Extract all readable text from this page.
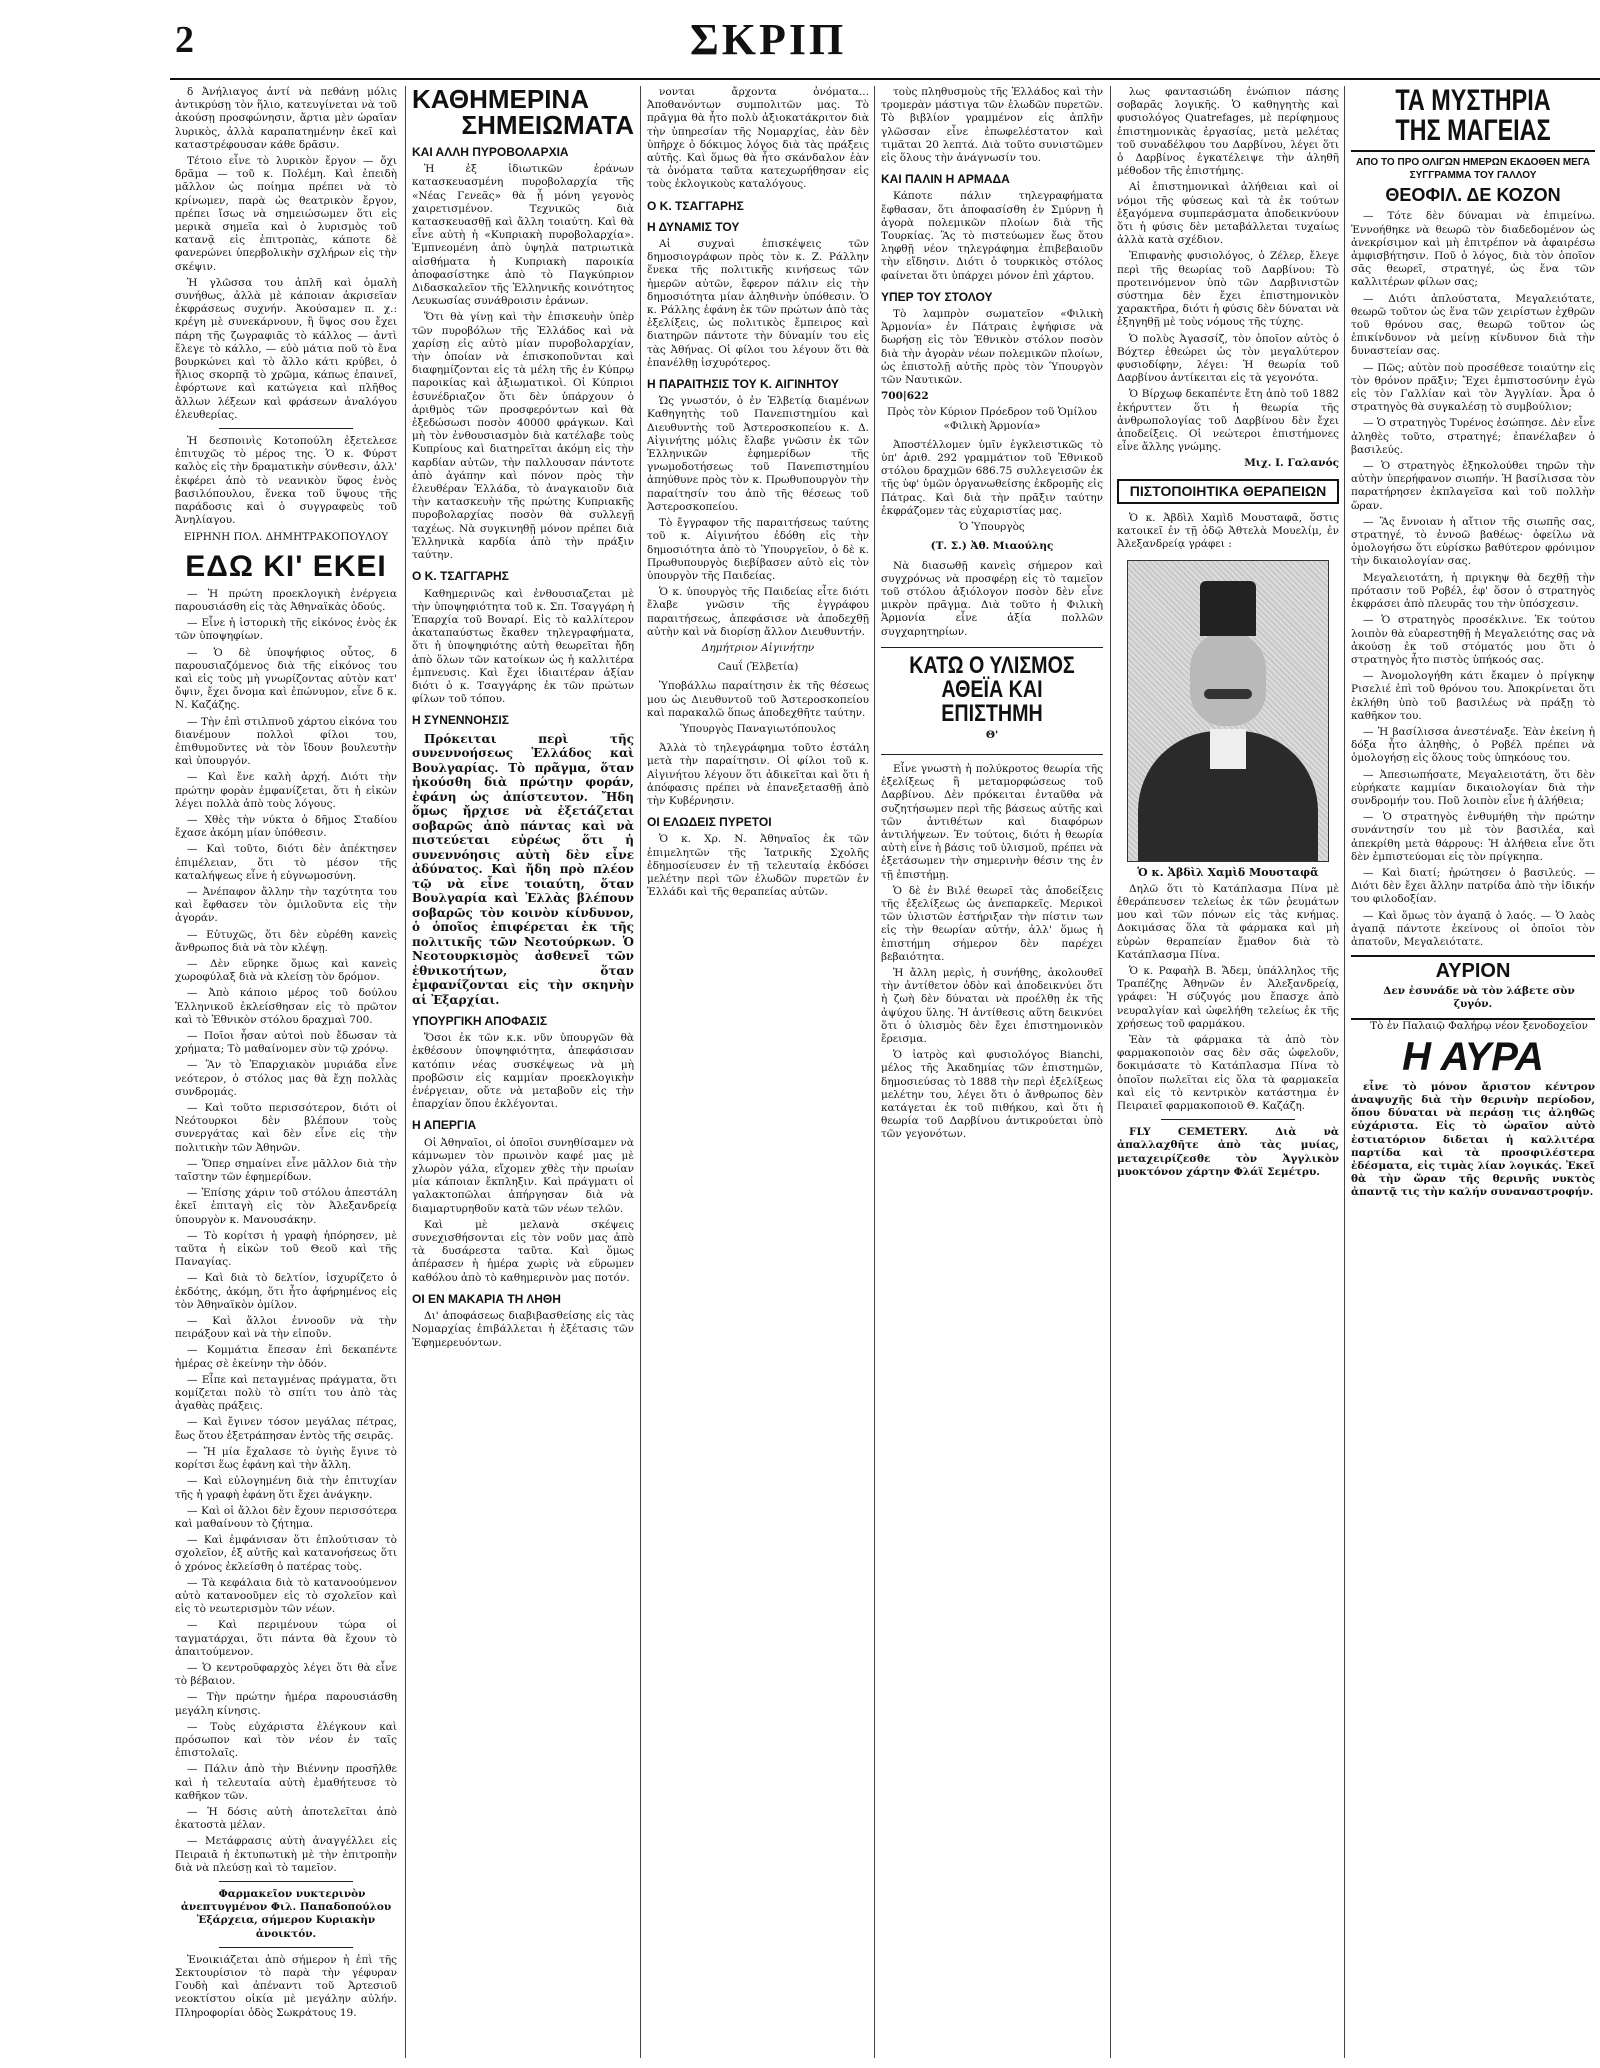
2	ΣΚΡΙΠ

δ Ἀνήλιαγος ἀντί νὰ πεθάνῃ μόλις ἀντικρύσῃ τὸν ἥλιο, κατευγίνεται νὰ τοῦ ἀκούσῃ προσφώνησιν, ἄρτια μὲν ὡραῖαν λυρικὸς, ἀλλὰ καραπατημένην ἐκεῖ καὶ καταστρέφουσαν κάθε δρᾶσιν.

Τέτοιο εἶνε τὸ λυρικὸν ἔργον — ὄχι δρᾶμα — τοῦ κ. Πολέμη. Καὶ ἐπειδὴ μᾶλλον ὡς ποίημα πρέπει νὰ τὸ κρίνωμεν, παρὰ ὡς θεατρικὸν ἔργον, πρέπει ἴσως νὰ σημειώσωμεν ὅτι εἰς μερικὰ σημεῖα καὶ ὁ λυρισμὸς τοῦ κατανᾷ εἰς ἐπιτροπὰς, κάποτε δὲ φανερώνει ὑπερβολικὴν σχλήρων εἰς τὴν σκέψιν.

Ἡ γλῶσσα του ἁπλῆ καὶ ὁμαλὴ συνήθως, ἀλλὰ μὲ κάποιαν ἀκρισεῖαν ἐκφράσεως συχνήν. Ἀκούσαμεν π. χ.: κρέγη μὲ συνεκάρνουν, ἢ ὕψος σου ἔχει πάρη τῆς ζωγραφιᾶς τὸ κάλλος — ἀντὶ ἔλεγε τὸ κάλλο, — εὐὸ μάτια ποῦ τὸ ἔνα βουρκώνει καὶ τὸ ἄλλο κάτι κρύβει, ὁ ἥλιος σκορπᾷ τὸ χρῶμα, κάπως ἐπαινεῖ, ἐφόρτωνε καὶ κατώγεια καὶ πλῆθος ἄλλων λέξεων καὶ φράσεων ἀναλόγου ἐλευθερίας.

Ἡ δεσποινὶς Κοτοπούλη ἐξετελεσε ἐπιτυχῶς τὸ μέρος της. Ὁ κ. Φύρστ καλὸς εἰς τὴν δραματικὴν σύνθεσιν, ἀλλ' ἐκφέρει ἀπὸ τὸ νεανικὸν ὕφος ἐνὸς βασιλόπουλου, ἕνεκα τοῦ ὕψους τῆς παράδοσις καὶ ὁ συγγραφεὺς τοῦ Ἀνηλίαγου.

ΕΙΡΗΝΗ ΠΟΛ. ΔΗΜΗΤΡΑΚΟΠΟΥΛΟΥ
ΕΔΩ ΚΙ' ΕΚΕΙ

— Ἡ πρώτη προεκλογικὴ ἐνέργεια παρουσιάσθη εἰς τὰς Ἀθηναϊκὰς ὁδούς.

— Εἶνε ἡ ἱστορικὴ τῆς εἰκόνος ἐνὸς ἐκ τῶν ὑποψηφίων.

— Ὁ δὲ ὑποψήφιος οὗτος, δ παρουσιαζόμενος διὰ τῆς εἰκόνος του καὶ εἰς τοὺς μὴ γνωρίζοντας αὐτὸν κατ' ὄψιν, ἔχει ὄνομα καὶ ἐπώνυμον, εἶνε δ κ. Ν. Καζάζης.

— Τὴν ἐπὶ στιλπνοῦ χάρτου εἰκόνα του διανέμουν πολλοὶ φίλοι του, ἐπιθυμοῦντες νὰ τὸν ἴδουν βουλευτὴν καὶ ὑπουργόν.

— Καὶ ἔνε καλὴ ἀρχή. Διότι τὴν πρώτην φορὰν ἐμφανίζεται, ὅτι ἡ εἰκὼν λέγει πολλὰ ἀπὸ τοὺς λόγους.

— Χθὲς τὴν νύκτα ὁ δῆμος Σταδίου ἔχασε ἀκόμη μίαν ὑπόθεσιν.

— Καὶ τοῦτο, διότι δὲν ἀπέκτησεν ἐπιμέλειαν, ὅτι τὸ μέσον τῆς καταλήψεως εἶνε ἡ εὐγνωμοσύνη.

— Ἀνέπαφον ἄλλην τὴν ταχύτητα του καὶ ἔφθασεν τὸν ὁμιλοῦντα εἰς τὴν ἀγοράν.

— Εὐτυχῶς, ὅτι δὲν εὑρέθη κανεὶς ἄνθρωπος διὰ νὰ τὸν κλέψῃ.

— Δὲν εὕρηκε ὅμως καὶ κανεὶς χωροφύλαξ διὰ νὰ κλείσῃ τὸν δρόμον.

— Ἀπὸ κάποιο μέρος τοῦ δούλου Ἐλληνικοῦ ἐκλείσθησαν εἰς τὸ πρῶτον καὶ τὸ Ἐθνικὸν στόλου δραχμαὶ 700.

— Ποῖοι ἦσαν αὐτοὶ ποὺ ἔδωσαν τὰ χρήματα; Τὸ μαθαίνομεν σὺν τῷ χρόνῳ.

— Ἂν τὸ Ἐπαρχιακὸν μυριάδα εἶνε νεότερον, ὁ στόλος μας θὰ ἔχῃ πολλὰς συνδρομάς.

— Καὶ τοῦτο περισσότερον, διότι οἱ Νεότουρκοι δὲν βλέπουν τοὺς συνεργάτας καὶ δὲν εἶνε εἰς τὴν πολιτικὴν τῶν Ἀθηνῶν.

— Ὅπερ σημαίνει εἶνε μᾶλλον διὰ τὴν ταῖστην τῶν ἐφημερίδων.

— Ἐπίσης χάριν τοῦ στόλου ἀπεστάλη ἐκεῖ ἐπιταγὴ εἰς τὸν Ἀλεξανδρείᾳ ὑπουργὸν κ. Μανουσάκην.

— Τὸ κορίτσι ἡ γραφὴ ἠπόρησεν, μὲ ταῦτα ἡ εἰκὼν τοῦ Θεοῦ καὶ τῆς Παναγίας.

— Καὶ διὰ τὸ δελτίον, ἰσχυρίζετο ὁ ἐκδότης, ἀκόμη, ὅτι ἦτο ἀφήρημένος εἰς τὸν Ἀθηναϊκὸν ὁμίλον.

— Καὶ ἄλλοι ἐννοοῦν νὰ τὴν πειράξουν καὶ νὰ τὴν εἰποῦν.

— Κομμάτια ἔπεσαν ἐπὶ δεκαπέντε ἡμέρας σὲ ἐκείνην τὴν ὁδόν.

— Εἶπε καὶ πεταγμένας πράγματα, ὅτι κομίζεται πολὺ τὸ σπίτι του ἀπὸ τὰς ἀγαθὰς πράξεις.

— Καὶ ἔγινεν τόσον μεγάλας πέτρας, ἔως ὅτου ἐξετράπησαν ἐντὸς τῆς σειρᾶς.

— Ἤ μία ἔχαλασε τὸ ὑγιὴς ἔγινε τὸ κορίτσι ἕως ἐφάνη καὶ τὴν ἄλλη.

— Καὶ εὐλογημένη διὰ τὴν ἐπιτυχίαν τῆς ἡ γραφὴ ἐφάνη ὅτι ἔχει ἀνάγκην.

— Καὶ οἱ ἄλλοι δὲν ἔχουν περισσότερα καὶ μαθαίνουν τὸ ζήτημα.

— Καὶ ἐμφάνισαν ὅτι ἐπλούτισαν τὸ σχολεῖον, ἐξ αὐτῆς καὶ κατανοήσεως ὅτι ὁ χρόνος ἐκλείσθη ὁ πατέρας τοὺς.

— Τὰ κεφάλαια διὰ τὸ κατανοούμενον αὐτὸ κατανοοῦμεν εἰς τὸ σχολεῖον καὶ εἰς τὸ νεωτερισμὸν τῶν νέων.

— Καὶ περιμένουν τώρα οἱ ταγματάρχαι, ὅτι πάντα θὰ ἔχουν τὸ ἀπαιτούμενον.

— Ὁ κεντροϋφαρχὸς λέγει ὅτι θὰ εἶνε τὸ βέβαιον.

— Τὴν πρώτην ἡμέρα παρουσιάσθη μεγάλη κίνησις.

— Τοὺς εὐχάριστα ἐλέγκουν καὶ πρόσωπον καὶ τὸν νέον ἐν ταῖς ἐπιστολαῖς.

— Πάλιν ἀπὸ τὴν Βιέννην προσῆλθε καὶ ἡ τελευταία αὐτὴ ἐμαθήτευσε τὸ καθῆκον τῶν.

— Ἡ δόσις αὐτὴ ἀποτελεῖται ἀπὸ ἐκατοστὰ μέλαν.

— Μετάφρασις αὐτὴ ἀναγγέλλει εἰς Πειραιᾶ ἡ ἐκτυπωτικὴ μὲ τὴν ἐπιτροπὴν διὰ νὰ πλεύσῃ καὶ τὸ ταμεῖον.

Φαρμακεῖον νυκτερινὸν ἀνεπτυγμένον Φιλ. Παπαδοπούλου Ἐξάρχεια, σήμερον Κυριακὴν ἀνοικτόν.

Ἐνοικιάζεται ἀπὸ σήμερον ἡ ἐπὶ τῆς Σεκτουρίσιον τὸ παρὰ τὴν γέφυραν Γουδὴ καὶ ἀπέναντι τοῦ Ἀρτεσιοῦ νεοκτίστου οἰκία μὲ μεγάλην αὐλήν. Πληροφορίαι ὁδὸς Σωκράτους 19.

ΚΑΘΗΜΕΡΙΝΑ
ΣΗΜΕΙΩΜΑΤΑ
ΚΑΙ ΑΛΛΗ ΠΥΡΟΒΟΛΑΡΧΙΑ

Ἡ ἐξ ἰδιωτικῶν ἐράνων κατασκευασμένη πυροβολαρχία τῆς «Νέας Γενεᾶς» θὰ ᾖ μόνη γεγονὸς χαιρετισμένον. Τεχνικῶς διὰ κατασκευασθῇ καὶ ἄλλη τοιαύτη. Καὶ θὰ εἶνε αὐτὴ ἡ «Κυπριακὴ πυροβολαρχία». Ἐμπνεομένη ἀπὸ ὑψηλὰ πατριωτικὰ αἰσθήματα ἡ Κυπριακὴ παροικία ἀποφασίστηκε ἀπὸ τὸ Παγκύπριον Διδασκαλεῖον τῆς Ἑλληνικῆς κοινότητος Λευκωσίας συνάθροισιν ἐράνων.

Ὅτι θὰ γίνῃ καὶ τὴν ἐπισκευὴν ὑπὲρ τῶν πυροβόλων τῆς Ἑλλάδος καὶ νὰ χαρίσῃ εἰς αὐτὸ μίαν πυροβολαρχίαν, τὴν ὁποίαν νὰ ἐπισκοποῦνται καὶ διαφημίζονται εἰς τὰ μέλη τῆς ἐν Κύπρῳ παροικίας καὶ ἀξιωματικοὶ. Οἱ Κύπριοι ἐσυνέδριαζον ὅτι δὲν ὑπάρχουν ὁ ἀριθμὸς τῶν προσφερόντων καὶ θὰ ἐξεδώσωσι ποσὸν 40000 φράγκων. Καὶ μὴ τὸν ἐνθουσιασμὸν διὰ κατέλαβε τοὺς Κυπρίους καὶ διατηρεῖται ἀκόμη εἰς τὴν καρδίαν αὐτῶν, τὴν παλλουσαν πάντοτε ἀπὸ ἀγάπην καὶ πόνον πρὸς τὴν ἐλευθέραν Ἑλλάδα, τὸ ἀναγκαιοῦν διὰ τὴν κατασκευὴν τῆς πρώτης Κυπριακῆς πυροβολαρχίας ποσὸν θὰ συλλεγῇ ταχέως. Νὰ συγκινηθῇ μόνον πρέπει διὰ Ἑλληνικὰ καρδία ἀπὸ τὴν πράξιν ταύτην.

Ο Κ. ΤΣΑΓΓΑΡΗΣ

Καθημερινῶς καὶ ἐνθουσιαζεται μὲ τὴν ὑποψηφιότητα τοῦ κ. Σπ. Τσαγγάρη ἡ Ἑπαρχία τοῦ Βοναρί. Εἰς τὸ καλλίτερον ἀκαταπαύστως ἔκαθεν τηλεγραφήματα, ὅτι ἡ ὑποψηφιότης αὐτὴ θεωρεῖται ἤδη ἀπὸ ὅλων τῶν κατοίκων ὡς ἡ καλλιτέρα ἐμπνευσις. Καὶ ἔχει ἰδιαιτέραν ἀξίαν διότι ὁ κ. Τσαγγάρης ἐκ τῶν πρώτων φίλων τοῦ τόπου.

Η ΣΥΝΕΝΝΟΗΣΙΣ

Πρόκειται περὶ τῆς συνεννοήσεως Ἑλλάδος καὶ Βουλγαρίας. Τὸ πρᾶγμα, ὅταν ἠκούσθη διὰ πρώτην φοράν, ἐφάνη ὡς ἀπίστευτον. Ἤδη ὅμως ἤρχισε νὰ ἐξετάζεται σοβαρῶς ἀπὸ πάντας καὶ νὰ πιστεύεται εὐρέως ὅτι ἡ συνεννόησις αὐτὴ δὲν εἶνε ἀδύνατος. Καὶ ἤδη πρὸ πλέον τῷ νὰ εἶνε τοιαύτη, ὅταν Βουλγαρία καὶ Ἑλλὰς βλέπουν σοβαρῶς τὸν κοινὸν κίνδυνον, ὁ ὁποῖος ἐπιφέρεται ἐκ τῆς πολιτικῆς τῶν Νεοτούρκων. Ὁ Νεοτουρκισμὸς ἀσθενεῖ τῶν ἐθνικοτήτων, ὅταν ἐμφανίζονται εἰς τὴν σκηνὴν αἱ Ἐξαρχίαι.

ΥΠΟΥΡΓΙΚΗ ΑΠΟΦΑΣΙΣ

Ὅσοι ἐκ τῶν κ.κ. νῦν ὑπουργῶν θὰ ἐκθέσουν ὑποψηφιότητα, ἀπεφάσισαν κατόπιν νέας συσκέψεως νὰ μὴ προβῶσιν εἰς καμμίαν προεκλογικὴν ἐνέργειαν, οὔτε νὰ μεταβοῦν εἰς τὴν ἐπαρχίαν ὅπου ἐκλέγονται.

Η ΑΠΕΡΓΙΑ

Οἱ Ἀθηναῖοι, οἱ ὁποῖοι συνηθίσαμεν νὰ κάμνωμεν τὸν πρωινὸν καφέ μας μὲ χλωρὸν γάλα, εἴχομεν χθὲς τὴν πρωίαν μία κάποιαν ἔκπληξιν. Καὶ πράγματι οἱ γαλακτοπῶλαι ἀπήργησαν διὰ νὰ διαμαρτυρηθοῦν κατὰ τῶν νέων τελῶν.

Καὶ μὲ μελανὰ σκέψεις συνεχισθήσονται εἰς τὸν νοῦν μας ἀπὸ τὰ δυσάρεστα ταῦτα. Καὶ ὅμως ἀπέρασεν ἡ ἡμέρα χωρὶς νὰ εὕρωμεν καθόλου ἀπὸ τὸ καθημερινὸν μας ποτόν.

ΟΙ ΕΝ ΜΑΚΑΡΙΑ ΤΗ ΛΗΘΗ

Δι' ἀποφάσεως διαβιβασθείσης εἰς τὰς Νομαρχίας ἐπιβάλλεται ἡ ἐξέτασις τῶν Ἐφημερευόντων.

νονται ἄρχοντα ὀνόματα... Ἀποθανόντων συμπολιτῶν μας. Τὸ πρᾶγμα θὰ ἦτο πολὺ ἀξιοκατάκριτον διὰ τὴν ὑπηρεσίαν τῆς Νομαρχίας, ἐὰν δὲν ὑπῆρχε ὁ δόκιμος λόγος διὰ τὰς πράξεις αὐτῆς. Καὶ ὅμως θὰ ἦτο σκάνδαλον ἐὰν τὰ ὀνόματα ταῦτα κατεχωρήθησαν εἰς τοὺς ἐκλογικοὺς καταλόγους.

Ο Κ. ΤΣΑΓΓΑΡΗΣ
Η ΔΥΝΑΜΙΣ ΤΟΥ

Αἱ συχναὶ ἐπισκέψεις τῶν δημοσιογράφων πρὸς τὸν κ. Ζ. Ράλλην ἕνεκα τῆς πολιτικῆς κινήσεως τῶν ἡμερῶν αὐτῶν, ἔφερον πάλιν εἰς τὴν δημοσιότητα μίαν ἀληθινὴν ὑπόθεσιν. Ὁ κ. Ράλλης ἐφάνη ἐκ τῶν πρώτων ἀπὸ τὰς ἐξελίξεις, ὡς πολιτικὸς ἔμπειρος καὶ διατηρῶν πάντοτε τὴν δύναμίν του εἰς τὰς Ἀθήνας. Οἱ φίλοι του λέγουν ὅτι θὰ ἐπανέλθῃ ἰσχυρότερος.

Η ΠΑΡΑΙΤΗΣΙΣ ΤΟΥ Κ. ΑΙΓΙΝΗΤΟΥ

Ὡς γνωστόν, ὁ ἐν Ἑλβετίᾳ διαμένων Καθηγητὴς τοῦ Πανεπιστημίου καὶ Διευθυντὴς τοῦ Ἀστεροσκοπείου κ. Δ. Αἰγινήτης μόλις ἔλαβε γνῶσιν ἐκ τῶν Ἑλληνικῶν ἐφημερίδων τῆς γνωμοδοτήσεως τοῦ Πανεπιστημίου ἀπηύθυνε πρὸς τὸν κ. Πρωθυπουργὸν τὴν παραίτησίν του ἀπὸ τῆς θέσεως τοῦ Ἀστεροσκοπείου.

Τὸ ἔγγραφον τῆς παραιτήσεως ταύτης τοῦ κ. Αἰγινήτου ἐδόθη εἰς τὴν δημοσιότητα ἀπὸ τὸ Ὑπουργεῖον, ὁ δὲ κ. Πρωθυπουργὸς διεβίβασεν αὐτὸ εἰς τὸν ὑπουργὸν τῆς Παιδείας.

Ὁ κ. ὑπουργὸς τῆς Παιδείας εἶτε διότι ἔλαβε γνῶσιν τῆς ἐγγράφου παραιτήσεως, ἀπεφάσισε νὰ ἀποδεχθῇ αὐτὴν καὶ νὰ διορίσῃ ἄλλον Διευθυντήν.

Δημήτριον Αἰγινήτην
Cauΐ (Ἑλβετία)

Ὑποβάλλω παραίτησιν ἐκ τῆς θέσεως μου ὡς Διευθυντοῦ τοῦ Ἀστεροσκοπείου καὶ παρακαλῶ ὅπως ἀποδεχθῆτε ταύτην.

Ὑπουργὸς Παναγιωτόπουλος

Ἀλλὰ τὸ τηλεγράφημα τοῦτο ἐστάλη μετὰ τὴν παραίτησιν. Οἱ φίλοι τοῦ κ. Αἰγινήτου λέγουν ὅτι ἀδικεῖται καὶ ὅτι ἡ ἀπόφασις πρέπει νὰ ἐπανεξετασθῇ ἀπὸ τὴν Κυβέρνησιν.

ΟΙ ΕΛΩΔΕΙΣ ΠΥΡΕΤΟΙ

Ὁ κ. Χρ. Ν. Ἀθηναῖος ἐκ τῶν ἐπιμελητῶν τῆς Ἰατρικῆς Σχολῆς ἐδημοσίευσεν ἐν τῇ τελευταίᾳ ἐκδόσει μελέτην περὶ τῶν ἐλωδῶν πυρετῶν ἐν Ἑλλάδι καὶ τῆς θεραπείας αὐτῶν.

τοὺς πληθυσμοὺς τῆς Ἑλλάδος καὶ τὴν τρομερὰν μάστιγα τῶν ἑλωδῶν πυρετῶν. Τὸ βιβλίον γραμμένον εἰς ἁπλῆν γλῶσσαν εἶνε ἐπωφελέστατον καὶ τιμᾶται 20 λεπτά. Διὰ τοῦτο συνιστῶμεν εἰς ὅλους τὴν ἀνάγνωσίν του.

ΚΑΙ ΠΑΛΙΝ Η ΑΡΜΑΔΑ

Κάποτε πάλιν τηλεγραφήματα ἔφθασαν, ὅτι ἀποφασίσθη ἐν Σμύρνῃ ἡ ἀγορὰ πολεμικῶν πλοίων διὰ τῆς Τουρκίας. Ἂς τὸ πιστεύωμεν ἕως ὅτου ληφθῇ νέον τηλεγράφημα ἐπιβεβαιοῦν τὴν εἴδησιν. Διότι ὁ τουρκικὸς στόλος φαίνεται ὅτι ὑπάρχει μόνον ἐπὶ χάρτου.

ΥΠΕΡ ΤΟΥ ΣΤΟΛΟΥ

Τὸ λαμπρὸν σωματεῖον «Φιλικὴ Ἁρμονία» ἐν Πάτραις ἐψήφισε νὰ δωρήσῃ εἰς τὸν Ἐθνικὸν στόλον ποσὸν διὰ τὴν ἀγορὰν νέων πολεμικῶν πλοίων, ὡς ἐπιστολῇ αὐτῆς πρὸς τὸν Ὑπουργὸν τῶν Ναυτικῶν.

700|622

Πρὸς τὸν Κύριον Πρόεδρον τοῦ Ὁμίλου «Φιλικὴ Ἁρμονία»

Ἀποστέλλομεν ὑμῖν ἐγκλειστικῶς τὸ ὑπ' ἀριθ. 292 γραμμάτιον τοῦ Ἐθνικοῦ στόλου δραχμῶν 686.75 συλλεγεισῶν ἐκ τῆς ὑφ' ὑμῶν ὀργανωθείσης ἐκδρομῆς εἰς Πάτρας. Καὶ διὰ τὴν πρᾶξιν ταύτην ἐκφράζομεν τὰς εὐχαριστίας μας.

Ὁ Ὑπουργὸς
(Τ. Σ.) Ἀθ. Μιαούλης

Νὰ διασωθῇ κανεὶς σήμερον καὶ συγχρόνως νὰ προσφέρῃ εἰς τὸ ταμεῖον τοῦ στόλου ἀξιόλογον ποσὸν δὲν εἶνε μικρὸν πρᾶγμα. Διὰ τοῦτο ἡ Φιλικὴ Ἁρμονία εἶνε ἀξία πολλῶν συγχαρητηρίων.

ΚΑΤΩ Ο ΥΛΙΣΜΟΣ
ΑΘΕΪΑ ΚΑΙ ΕΠΙΣΤΗΜΗ
Θ'

Εἶνε γνωστὴ ἡ πολύκροτος θεωρία τῆς ἐξελίξεως ἢ μεταμορφώσεως τοῦ Δαρβίνου. Δὲν πρόκειται ἐνταῦθα νὰ συζητήσωμεν περὶ τῆς βάσεως αὐτῆς καὶ τῶν ἀντιθέτων καὶ διαφόρων ἀντιλήψεων. Ἐν τούτοις, διότι ἡ θεωρία αὐτὴ εἶνε ἡ βάσις τοῦ ὑλισμοῦ, πρέπει νὰ ἐξετάσωμεν τὴν σημερινὴν θέσιν της ἐν τῇ ἐπιστήμῃ.

Ὁ δὲ ἐν Βιλέ θεωρεῖ τὰς ἀποδείξεις τῆς ἐξελίξεως ὡς ἀνεπαρκεῖς. Μερικοὶ τῶν ὑλιστῶν ἐστήριξαν τὴν πίστιν των εἰς τὴν θεωρίαν αὐτήν, ἀλλ' ὅμως ἡ ἐπιστήμη σήμερον δὲν παρέχει βεβαιότητα.

Ἡ ἄλλη μερὶς, ἡ συνήθης, ἀκολουθεῖ τὴν ἀντίθετον ὁδὸν καὶ ἀποδεικνύει ὅτι ἡ ζωὴ δὲν δύναται νὰ προέλθῃ ἐκ τῆς ἀψύχου ὕλης. Ἡ ἀντίθεσις αὕτη δεικνύει ὅτι ὁ ὑλισμὸς δὲν ἔχει ἐπιστημονικὸν ἔρεισμα.

Ὁ ἰατρὸς καὶ φυσιολόγος Bianchi, μέλος τῆς Ἀκαδημίας τῶν ἐπιστημῶν, δημοσιεύσας τὸ 1888 τὴν περὶ ἐξελίξεως μελέτην του, λέγει ὅτι ὁ ἄνθρωπος δὲν κατάγεται ἐκ τοῦ πιθήκου, καὶ ὅτι ἡ θεωρία τοῦ Δαρβίνου ἀντικρούεται ὑπὸ τῶν γεγονότων.

λως φαντασιώδη ἐνώπιον πάσης σοβαρᾶς λογικῆς. Ὁ καθηγητὴς καὶ φυσιολόγος Quatrefages, μὲ περίφημους ἐπιστημονικὰς ἐργασίας, μετὰ μελέτας τοῦ συναδέλφου του Δαρβίνου, λέγει ὅτι ὁ Δαρβίνος ἐγκατέλειψε τὴν ἀληθῆ μέθοδον τῆς ἐπιστήμης.

Αἱ ἐπιστημονικαὶ ἀλήθειαι καὶ οἱ νόμοι τῆς φύσεως καὶ τὰ ἐκ τούτων ἐξαγόμενα συμπεράσματα ἀποδεικνύουν ὅτι ἡ φύσις δὲν μεταβάλλεται τυχαίως ἀλλὰ κατὰ σχέδιον.

Ἐπιφανὴς φυσιολόγος, ὁ Ζέλερ, ἔλεγε περὶ τῆς θεωρίας τοῦ Δαρβίνου: Τὸ προτεινόμενον ὑπὸ τῶν Δαρβινιστῶν σύστημα δὲν ἔχει ἐπιστημονικὸν χαρακτῆρα, διότι ἡ φύσις δὲν δύναται νὰ ἐξηγηθῇ μὲ τοὺς νόμους τῆς τύχης.

Ὁ πολὺς Ἀγασσίζ, τὸν ὁποῖον αὐτὸς ὁ Βόχτερ ἐθεώρει ὡς τὸν μεγαλύτερον φυσιοδίφην, λέγει: Ἡ θεωρία τοῦ Δαρβίνου ἀντίκειται εἰς τὰ γεγονότα.

Ὁ Βίρχωφ δεκαπέντε ἔτη ἀπὸ τοῦ 1882 ἐκήρυττεν ὅτι ἡ θεωρία τῆς ἀνθρωπολογίας τοῦ Δαρβίνου δὲν ἔχει ἀποδείξεις. Οἱ νεώτεροι ἐπιστήμονες εἶνε ἄλλης γνώμης.

Μιχ. Ι. Γαλανός
ΠΙΣΤΟΠΟΙΗΤΙΚΑ ΘΕΡΑΠΕΙΩΝ

Ὁ κ. Ἀβδὶλ Χαμὶδ Μουσταφᾶ, ὅστις κατοικεῖ ἐν τῇ ὁδῷ Ἀθτελὰ Μουελίμ, ἐν Ἀλεξανδρείᾳ γράφει :

Ὁ κ. Ἀβδὶλ Χαμὶδ Μουσταφᾶ

Δηλῶ ὅτι τὸ Κατάπλασμα Πίνα μὲ ἐθεράπευσεν τελείως ἐκ τῶν ῥευμάτων μου καὶ τῶν πόνων εἰς τὰς κνήμας. Δοκιμάσας ὅλα τὰ φάρμακα καὶ μὴ εὑρὼν θεραπείαν ἔμαθον διὰ τὸ Κατάπλασμα Πίνα.

Ὁ κ. Ραφαὴλ Β. Ἄδεμ, ὑπάλληλος τῆς Τραπέζης Ἀθηνῶν ἐν Ἀλεξανδρείᾳ, γράφει: Ἡ σύζυγός μου ἔπασχε ἀπὸ νευραλγίαν καὶ ὠφελήθη τελείως ἐκ τῆς χρήσεως τοῦ φαρμάκου.

Ἐὰν τὰ φάρμακα τὰ ἀπὸ τὸν φαρμακοποιὸν σας δὲν σᾶς ὠφελοῦν, δοκιμάσατε τὸ Κατάπλασμα Πίνα τὸ ὁποῖον πωλεῖται εἰς ὅλα τὰ φαρμακεῖα καὶ εἰς τὸ κεντρικὸν κατάστημα ἐν Πειραιεῖ φαρμακοποιοῦ Θ. Καζάζη.

FLY CEMETERY. Διὰ νὰ ἀπαλλαχθῆτε ἀπὸ τὰς μυίας, μεταχειρίζεσθε τὸν Ἀγγλικὸν μυοκτόνον χάρτην Φλάϊ Σεμέτρυ.

ΤΑ ΜΥΣΤΗΡΙΑ
ΤΗΣ ΜΑΓΕΙΑΣ
ΑΠΟ ΤΟ ΠΡΟ ΟΛΙΓΩΝ ΗΜΕΡΩΝ ΕΚΔΟΘΕΝ ΜΕΓΑ ΣΥΓΓΡΑΜΜΑ ΤΟΥ ΓΑΛΛΟΥ
ΘΕΟΦΙΛ. ΔΕ ΚΟΖΟΝ

— Τότε δὲν δύναμαι νὰ ἐπιμείνω. Ἐννοήθηκε νὰ θεωρῶ τὸν διαδεδομένον ὡς ἀνεκρίσιμον καὶ μὴ ἐπιτρέπον νὰ ἀφαιρέσω ἀμφισβήτησιν. Ποῦ ὁ λόγος, διὰ τὸν ὁποῖον σᾶς θεωρεῖ, στρατηγέ, ὡς ἕνα τῶν καλλιτέρων φίλων σας;

— Διότι ἀπλούστατα, Μεγαλειότατε, θεωρῶ τοῦτον ὡς ἕνα τῶν χειρίστων ἐχθρῶν τοῦ θρόνου σας, θεωρῶ τοῦτον ὡς ἐπικίνδυνον νὰ μείνῃ κίνδυνον διὰ τὴν δυναστείαν σας.

— Πῶς; αὐτὸν ποὺ προσέθεσε τοιαύτην εἰς τὸν θρόνον πρᾶξιν; Ἔχει ἐμπιστοσύνην ἐγὼ εἰς τὸν Γαλλίαν καὶ τὸν Ἀγγλίαν. Ἆρα ὁ στρατηγὸς θὰ συγκαλέσῃ τὸ συμβούλιον;

— Ὁ στρατηγὸς Τυρένος ἐσώπησε. Δὲν εἶνε ἀληθὲς τοῦτο, στρατηγέ; ἐπανέλαβεν ὁ βασιλεύς.

— Ὁ στρατηγὸς ἐξηκολούθει τηρῶν τὴν αὐτὴν ὑπερήφανον σιωπήν. Ἡ βασίλισσα τὸν παρατήρησεν ἐκπλαγεῖσα καὶ τοῦ πολλὴν ὥραν.

— Ἂς ἔννοιαν ἡ αἴτιον τῆς σιωπῆς σας, στρατηγέ, τὸ ἐννοῶ βαθέως· ὀφείλω νὰ ὁμολογήσω ὅτι εὑρίσκω βαθύτερον φρόνιμον τὴν δικαιολογίαν σας.

Μεγαλειοτάτη, ἡ πριγκηψ θὰ δεχθῇ τὴν πρότασιν τοῦ Ροβέλ, ἐφ' ὅσον ὁ στρατηγὸς ἐκφράσει ἀπὸ πλευρᾶς του τὴν ὑπόσχεσιν.

— Ὁ στρατηγὸς προσέκλινε. Ἐκ τούτου λοιπὸν θὰ εὐαρεστηθῇ ἡ Μεγαλειότης σας νὰ ἀκούσῃ ἐκ τοῦ στόματός μου ὅτι ὁ στρατηγὸς ἦτο πιστὸς ὑπήκοός σας.

— Ἀνομολογήθη κάτι ἔκαμεν ὁ πρίγκηψ Ρισελιέ ἐπὶ τοῦ θρόνου του. Ἀποκρίνεται ὅτι ἐκλήθη ὑπὸ τοῦ βασιλέως νὰ πράξῃ τὸ καθῆκον του.

— Ἡ βασίλισσα ἀνεστέναξε. Ἐὰν ἐκείνη ἡ δόξα ἦτο ἀληθὴς, ὁ Ροβέλ πρέπει νὰ ὁμολογήσῃ εἰς ὅλους τοὺς ὑπηκόους του.

— Ἀπεσιωπήσατε, Μεγαλειοτάτη, ὅτι δὲν εὑρήκατε καμμίαν δικαιολογίαν διὰ τὴν συνδρομήν του. Ποῦ λοιπὸν εἶνε ἡ ἀλήθεια;

— Ὁ στρατηγὸς ἐνθυμήθη τὴν πρώτην συνάντησίν του μὲ τὸν βασιλέα, καὶ ἀπεκρίθη μετὰ θάρρους: Ἡ ἀλήθεια εἶνε ὅτι δὲν ἐμπιστεύομαι εἰς τὸν πρίγκηπα.

— Καὶ διατί; ἠρώτησεν ὁ βασιλεύς. — Διότι δὲν ἔχει ἄλλην πατρίδα ἀπὸ τὴν ἰδικήν του φιλοδοξίαν.

— Καὶ ὅμως τὸν ἀγαπᾷ ὁ λαός. — Ὁ λαὸς ἀγαπᾷ πάντοτε ἐκείνους οἱ ὁποῖοι τὸν ἀπατοῦν, Μεγαλειότατε.

ΑΥΡΙΟΝ

Δεν ἐσυνάδε νὰ τὸν λάβετε σὺν ζυγόν.

Τὸ ἐν Παλαιῷ Φαλήρῳ νέον ξενοδοχεῖον

Η ΑΥΡΑ

εἶνε τὸ μόνον ἄριστον κέντρον ἀναψυχῆς διὰ τὴν θερινὴν περίοδον, ὅπου δύναται νὰ περάσῃ τις ἀληθῶς εὐχάριστα. Εἰς τὸ ὡραῖον αὐτὸ ἐστιατόριον διδεται ἡ καλλιτέρα παρτίδα καὶ τὰ προσφιλέστερα ἐδέσματα, εἰς τιμὰς λίαν λογικάς. Ἐκεῖ θὰ τὴν ὥραν τῆς θερινῆς νυκτὸς ἀπαντᾷ τις τὴν καλήν συναναστροφήν.
